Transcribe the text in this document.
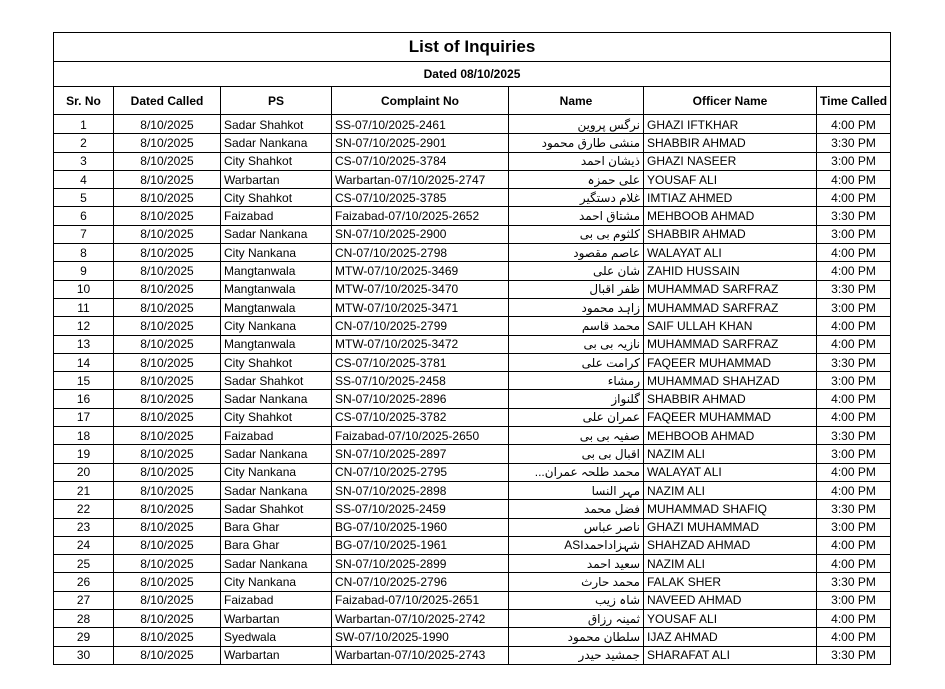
List of Inquiries						
Dated 08/10/2025						
Sr. No	Dated Called	PS	Complaint No	Name	Officer Name	Time Called
1	8/10/2025	Sadar Shahkot	SS-07/10/2025-2461	نرگس پروین	GHAZI IFTKHAR	4:00 PM
2	8/10/2025	Sadar Nankana	SN-07/10/2025-2901	منشی طارق محمود	SHABBIR AHMAD	3:30 PM
3	8/10/2025	City Shahkot	CS-07/10/2025-3784	ذیشان احمد	GHAZI NASEER	3:00 PM
4	8/10/2025	Warbartan	Warbartan-07/10/2025-2747	علی حمزہ	YOUSAF ALI	4:00 PM
5	8/10/2025	City Shahkot	CS-07/10/2025-3785	غلام دستگیر	IMTIAZ AHMED	4:00 PM
6	8/10/2025	Faizabad	Faizabad-07/10/2025-2652	مشتاق احمد	MEHBOOB AHMAD	3:30 PM
7	8/10/2025	Sadar Nankana	SN-07/10/2025-2900	کلثوم بی بی	SHABBIR AHMAD	3:00 PM
8	8/10/2025	City Nankana	CN-07/10/2025-2798	عاصم مقصود	WALAYAT ALI	4:00 PM
9	8/10/2025	Mangtanwala	MTW-07/10/2025-3469	شان علی	ZAHID HUSSAIN	4:00 PM
10	8/10/2025	Mangtanwala	MTW-07/10/2025-3470	ظفر اقبال	MUHAMMAD SARFRAZ	3:30 PM
11	8/10/2025	Mangtanwala	MTW-07/10/2025-3471	زاہد محمود	MUHAMMAD SARFRAZ	3:00 PM
12	8/10/2025	City Nankana	CN-07/10/2025-2799	محمد قاسم	SAIF ULLAH KHAN	4:00 PM
13	8/10/2025	Mangtanwala	MTW-07/10/2025-3472	نازیہ بی بی	MUHAMMAD SARFRAZ	4:00 PM
14	8/10/2025	City Shahkot	CS-07/10/2025-3781	کرامت علی	FAQEER MUHAMMAD	3:30 PM
15	8/10/2025	Sadar Shahkot	SS-07/10/2025-2458	رمشاء	MUHAMMAD SHAHZAD	3:00 PM
16	8/10/2025	Sadar Nankana	SN-07/10/2025-2896	گلنواز	SHABBIR AHMAD	4:00 PM
17	8/10/2025	City Shahkot	CS-07/10/2025-3782	عمران علی	FAQEER MUHAMMAD	4:00 PM
18	8/10/2025	Faizabad	Faizabad-07/10/2025-2650	صفیہ بی بی	MEHBOOB AHMAD	3:30 PM
19	8/10/2025	Sadar Nankana	SN-07/10/2025-2897	اقبال بی بی	NAZIM ALI	3:00 PM
20	8/10/2025	City Nankana	CN-07/10/2025-2795	محمد طلحہ عمران...	WALAYAT ALI	4:00 PM
21	8/10/2025	Sadar Nankana	SN-07/10/2025-2898	مہر النسا	NAZIM ALI	4:00 PM
22	8/10/2025	Sadar Shahkot	SS-07/10/2025-2459	فضل محمد	MUHAMMAD SHAFIQ	3:30 PM
23	8/10/2025	Bara Ghar	BG-07/10/2025-1960	ناصر عباس	GHAZI MUHAMMAD	3:00 PM
24	8/10/2025	Bara Ghar	BG-07/10/2025-1961	شہزاداحمدASI	SHAHZAD AHMAD	4:00 PM
25	8/10/2025	Sadar Nankana	SN-07/10/2025-2899	سعید احمد	NAZIM ALI	4:00 PM
26	8/10/2025	City Nankana	CN-07/10/2025-2796	محمد حارث	FALAK SHER	3:30 PM
27	8/10/2025	Faizabad	Faizabad-07/10/2025-2651	شاہ زیب	NAVEED AHMAD	3:00 PM
28	8/10/2025	Warbartan	Warbartan-07/10/2025-2742	ثمینہ رزاق	YOUSAF ALI	4:00 PM
29	8/10/2025	Syedwala	SW-07/10/2025-1990	سلطان محمود	IJAZ AHMAD	4:00 PM
30	8/10/2025	Warbartan	Warbartan-07/10/2025-2743	جمشید حیدر	SHARAFAT ALI	3:30 PM
